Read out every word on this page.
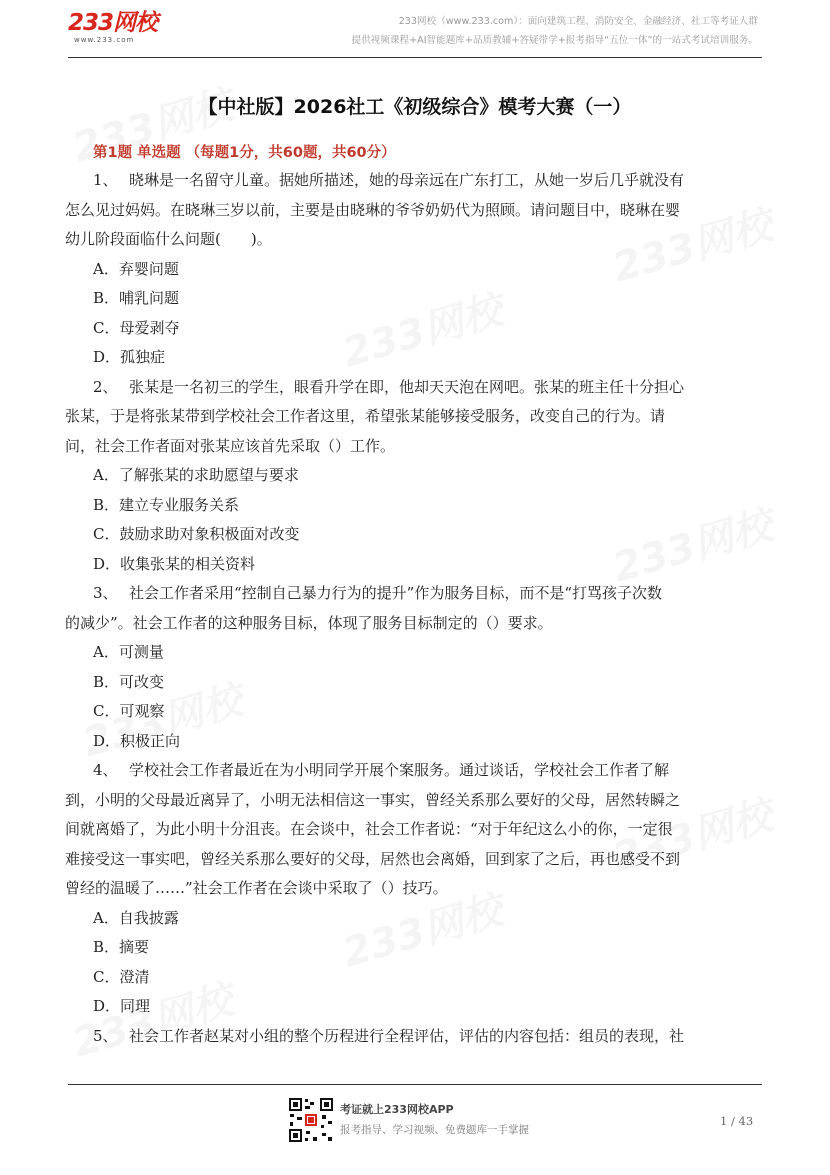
233网校
www.233.com
233网校（www.233.com）：面向建筑工程、消防安全、金融经济、社工等考证人群
提供视频课程+AI智能题库+品质教辅+答疑带学+报考指导“五位一体”的一站式考试培训服务。
【中社版】2026社工《初级综合》模考大赛（一）
第1题 单选题 （每题1分，共60题，共60分）
1、 晓琳是一名留守儿童。据她所描述，她的母亲远在广东打工，从她一岁后几乎就没有
怎么见过妈妈。在晓琳三岁以前，主要是由晓琳的爷爷奶奶代为照顾。请问题目中，晓琳在婴
幼儿阶段面临什么问题(　　)。
A．弃婴问题
B．哺乳问题
C．母爱剥夺
D．孤独症
2、 张某是一名初三的学生，眼看升学在即，他却天天泡在网吧。张某的班主任十分担心
张某，于是将张某带到学校社会工作者这里，希望张某能够接受服务，改变自己的行为。请
问，社会工作者面对张某应该首先采取（）工作。
A．了解张某的求助愿望与要求
B．建立专业服务关系
C．鼓励求助对象积极面对改变
D．收集张某的相关资料
3、 社会工作者采用“控制自己暴力行为的提升”作为服务目标，而不是“打骂孩子次数
的减少”。社会工作者的这种服务目标，体现了服务目标制定的（）要求。
A．可测量
B．可改变
C．可观察
D．积极正向
4、 学校社会工作者最近在为小明同学开展个案服务。通过谈话，学校社会工作者了解
到，小明的父母最近离异了，小明无法相信这一事实，曾经关系那么要好的父母，居然转瞬之
间就离婚了，为此小明十分沮丧。在会谈中，社会工作者说：“对于年纪这么小的你，一定很
难接受这一事实吧，曾经关系那么要好的父母，居然也会离婚，回到家了之后，再也感受不到
曾经的温暖了……”社会工作者在会谈中采取了（）技巧。
A．自我披露
B．摘要
C．澄清
D．同理
5、 社会工作者赵某对小组的整个历程进行全程评估，评估的内容包括：组员的表现，社
考证就上233网校APP
报考指导、学习视频、免费题库一手掌握
1 / 43
